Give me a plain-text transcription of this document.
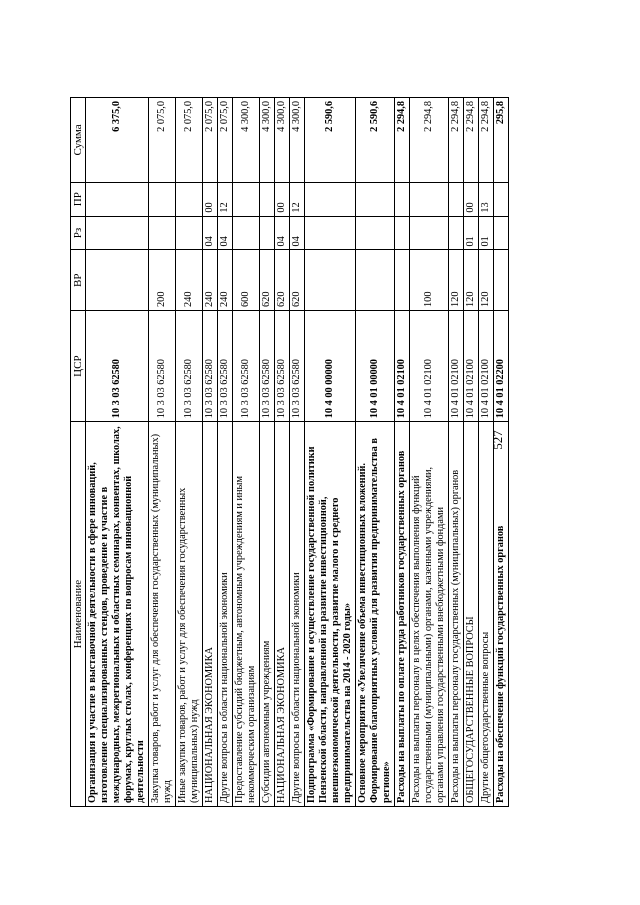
527
Наименование	ЦСР	ВР	Рз	ПР	Сумма
Организация и участие в выставочной деятельности в сфере инноваций, изготовление специализированных стендов, проведение и участие в международных, межрегиональных и областных семинарах, конвентах, школах, форумах, круглых столах, конференциях по вопросам инновационной деятельности	10 3 03 62580				6 375,0
Закупка товаров, работ и услуг для обеспечения государственных (муниципальных) нужд	10 3 03 62580	200			2 075,0
Иные закупки товаров, работ и услуг для обеспечения государственных (муниципальных) нужд	10 3 03 62580	240			2 075,0
НАЦИОНАЛЬНАЯ ЭКОНОМИКА	10 3 03 62580	240	04	00	2 075,0
Другие вопросы в области национальной экономики	10 3 03 62580	240	04	12	2 075,0
Предоставление субсидий бюджетным, автономным учреждениям и иным некоммерческим организациям	10 3 03 62580	600			4 300,0
Субсидии автономным учреждениям	10 3 03 62580	620			4 300,0
НАЦИОНАЛЬНАЯ ЭКОНОМИКА	10 3 03 62580	620	04	00	4 300,0
Другие вопросы в области национальной экономики	10 3 03 62580	620	04	12	4 300,0
Подпрограмма «Формирование и осуществление государственной политики Пензенской области, направленной на развитие инвестиционной, внешнеэкономической деятельности, развитие малого и среднего предпринимательства на 2014 - 2020 годы»	10 4 00 00000				2 590,6
Основное мероприятие «Увеличение объема инвестиционных вложений. Формирование благоприятных условий для развития предпринимательства в регионе»	10 4 01 00000				2 590,6
Расходы на выплаты по оплате труда работников государственных органов	10 4 01 02100				2 294,8
Расходы на выплаты персоналу в целях обеспечения выполнения функций государственными (муниципальными) органами, казенными учреждениями, органами управления государственными внебюджетными фондами	10 4 01 02100	100			2 294,8
Расходы на выплаты персоналу государственных (муниципальных) органов	10 4 01 02100	120			2 294,8
ОБЩЕГОСУДАРСТВЕННЫЕ ВОПРОСЫ	10 4 01 02100	120	01	00	2 294,8
Другие общегосударственные вопросы	10 4 01 02100	120	01	13	2 294,8
Расходы на обеспечение функций государственных органов	10 4 01 02200				295,8
